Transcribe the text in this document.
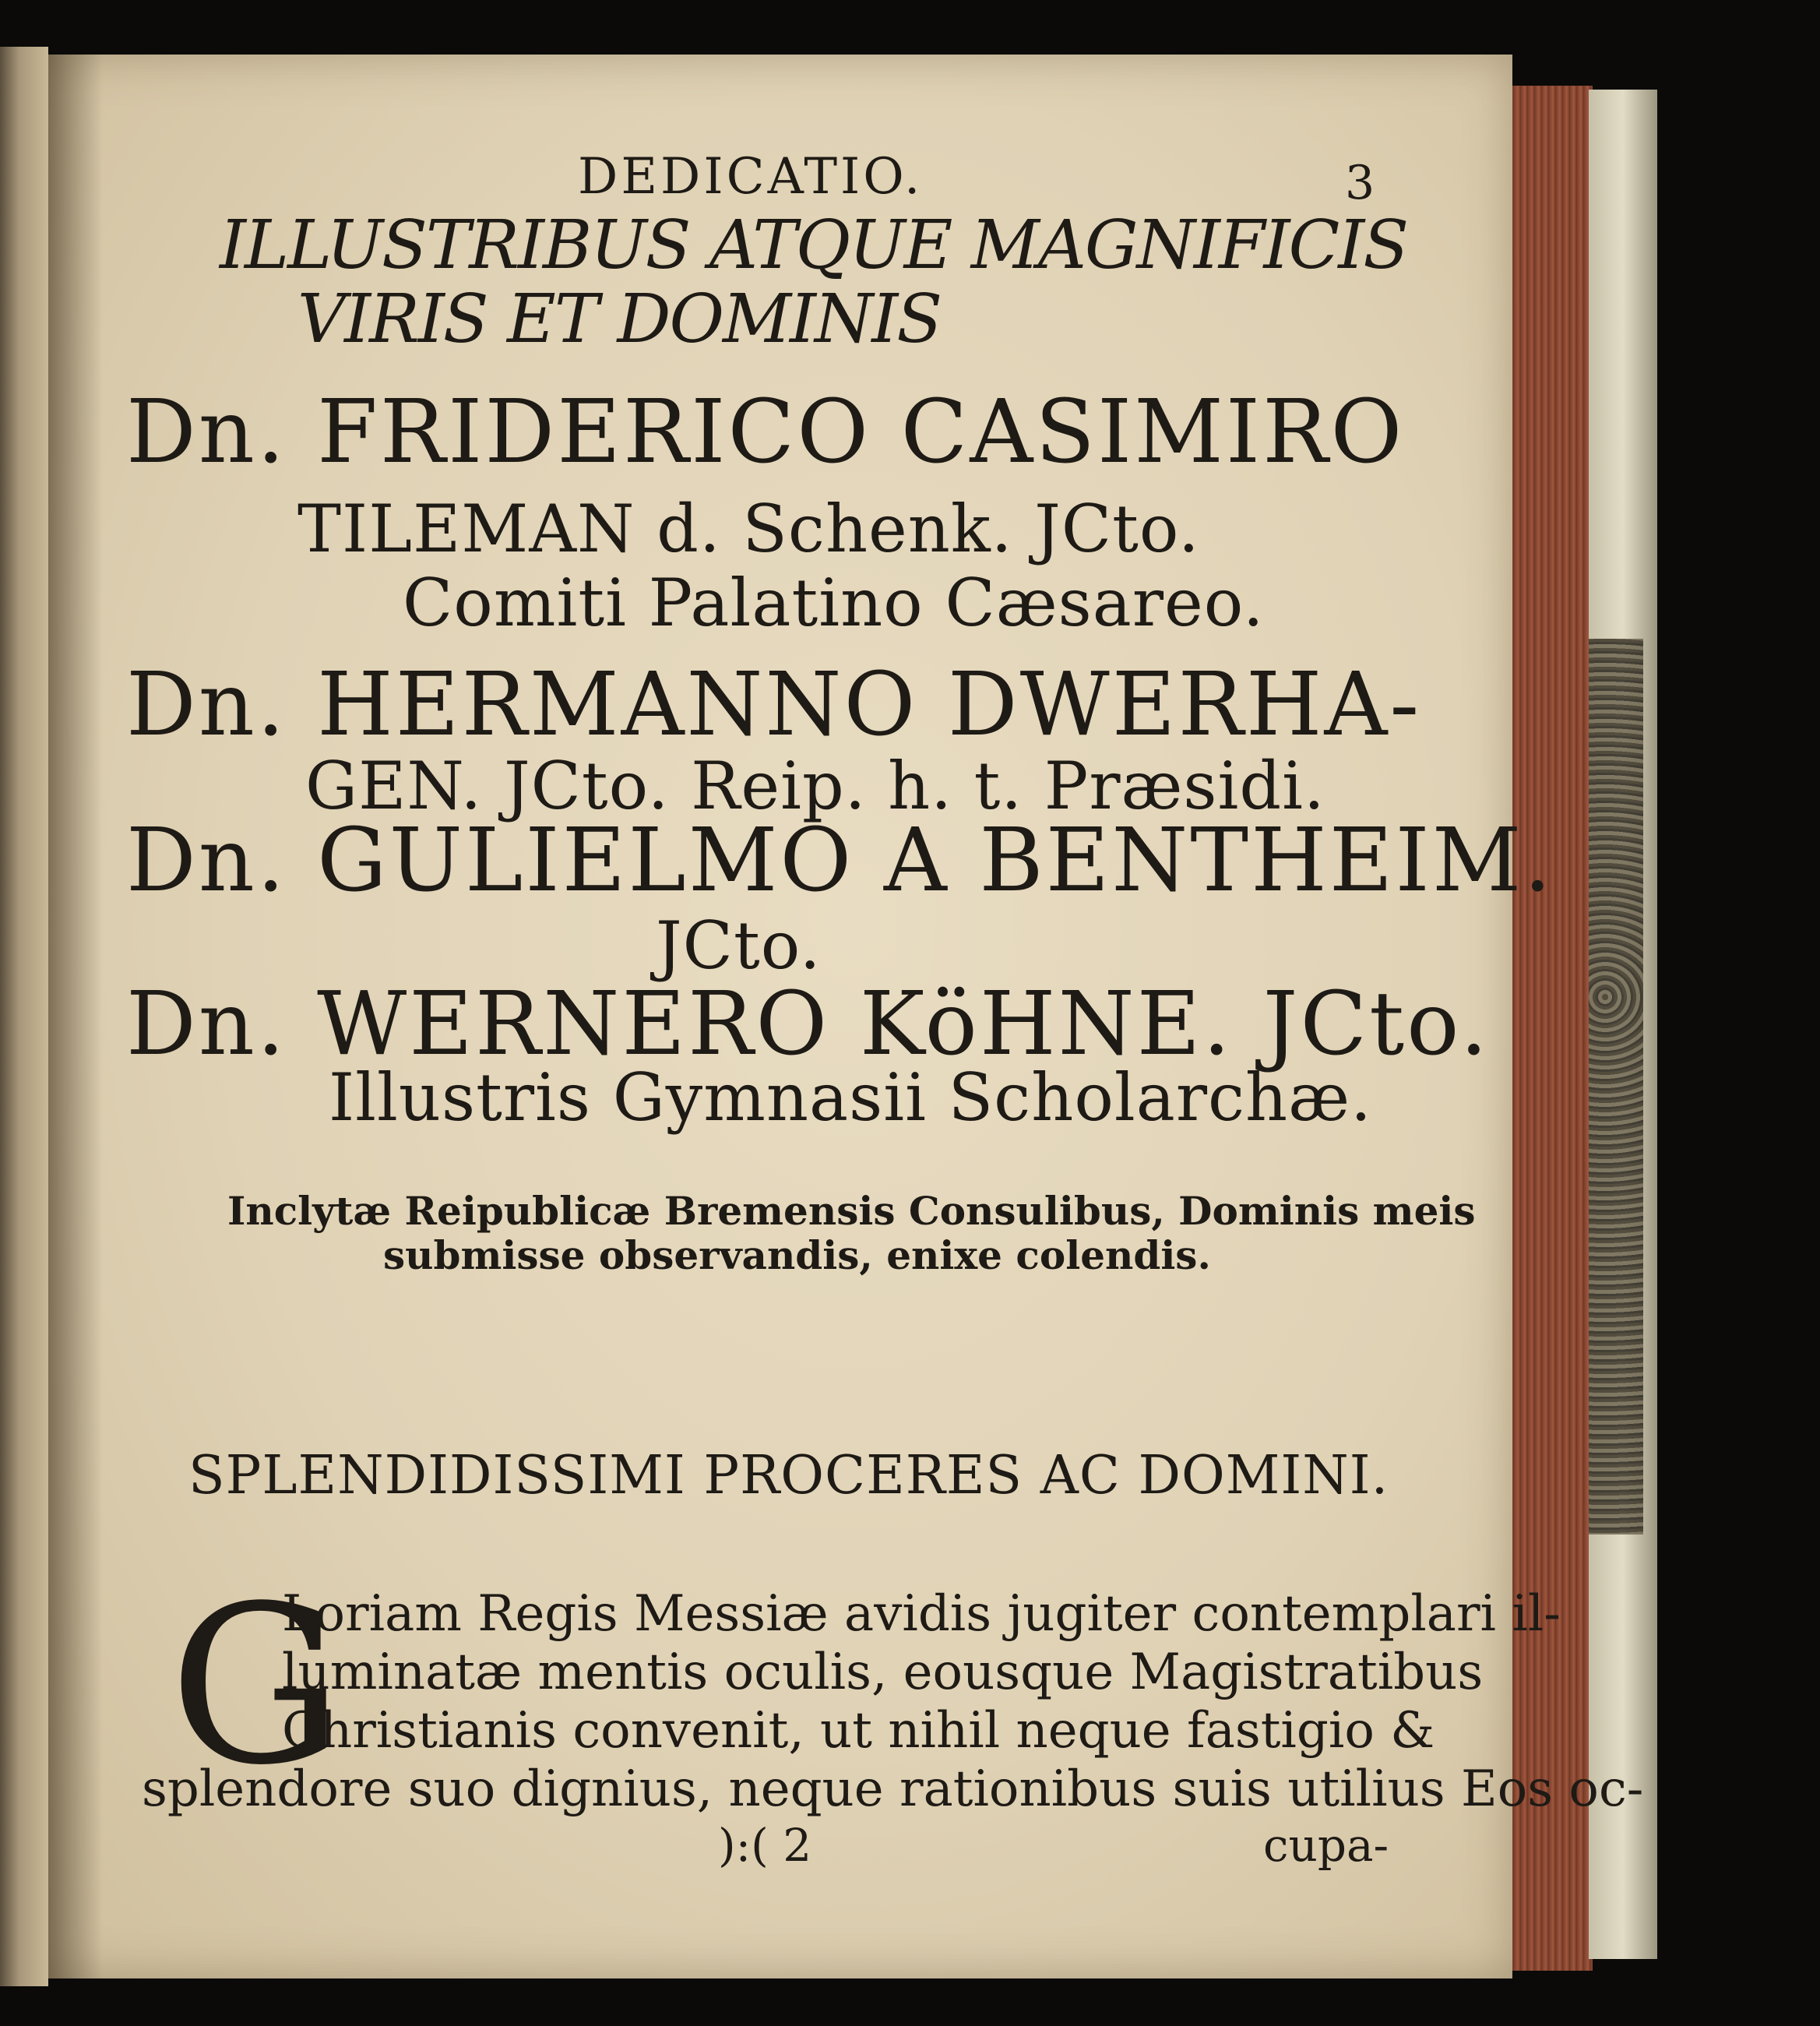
DEDICATIO.	3
ILLUSTRIBUS ATQUE MAGNIFICIS
VIRIS ET DOMINIS
Dn. FRIDERICO CASIMIRO
TILEMAN d. Schenk. JCto.
Comiti Palatino Cæsareo.
Dn. HERMANNO DWERHA-
GEN. JCto. Reip. h. t. Præsidi.
Dn. GULIELMO A BENTHEIM.
JCto.
Dn. WERNERO KöHNE. JCto.
Illustris Gymnasii Scholarchæ.
Inclytæ Reipublicæ Bremensis Consulibus, Dominis meis
submisse observandis, enixe colendis.
SPLENDIDISSIMI PROCERES AC DOMINI.
G
Loriam Regis Messiæ avidis jugiter contemplari il-
luminatæ mentis oculis, eousque Magistratibus
Christianis convenit, ut nihil neque fastigio &
splendore suo dignius, neque rationibus suis utilius Eos oc-
):( 2	cupa-
